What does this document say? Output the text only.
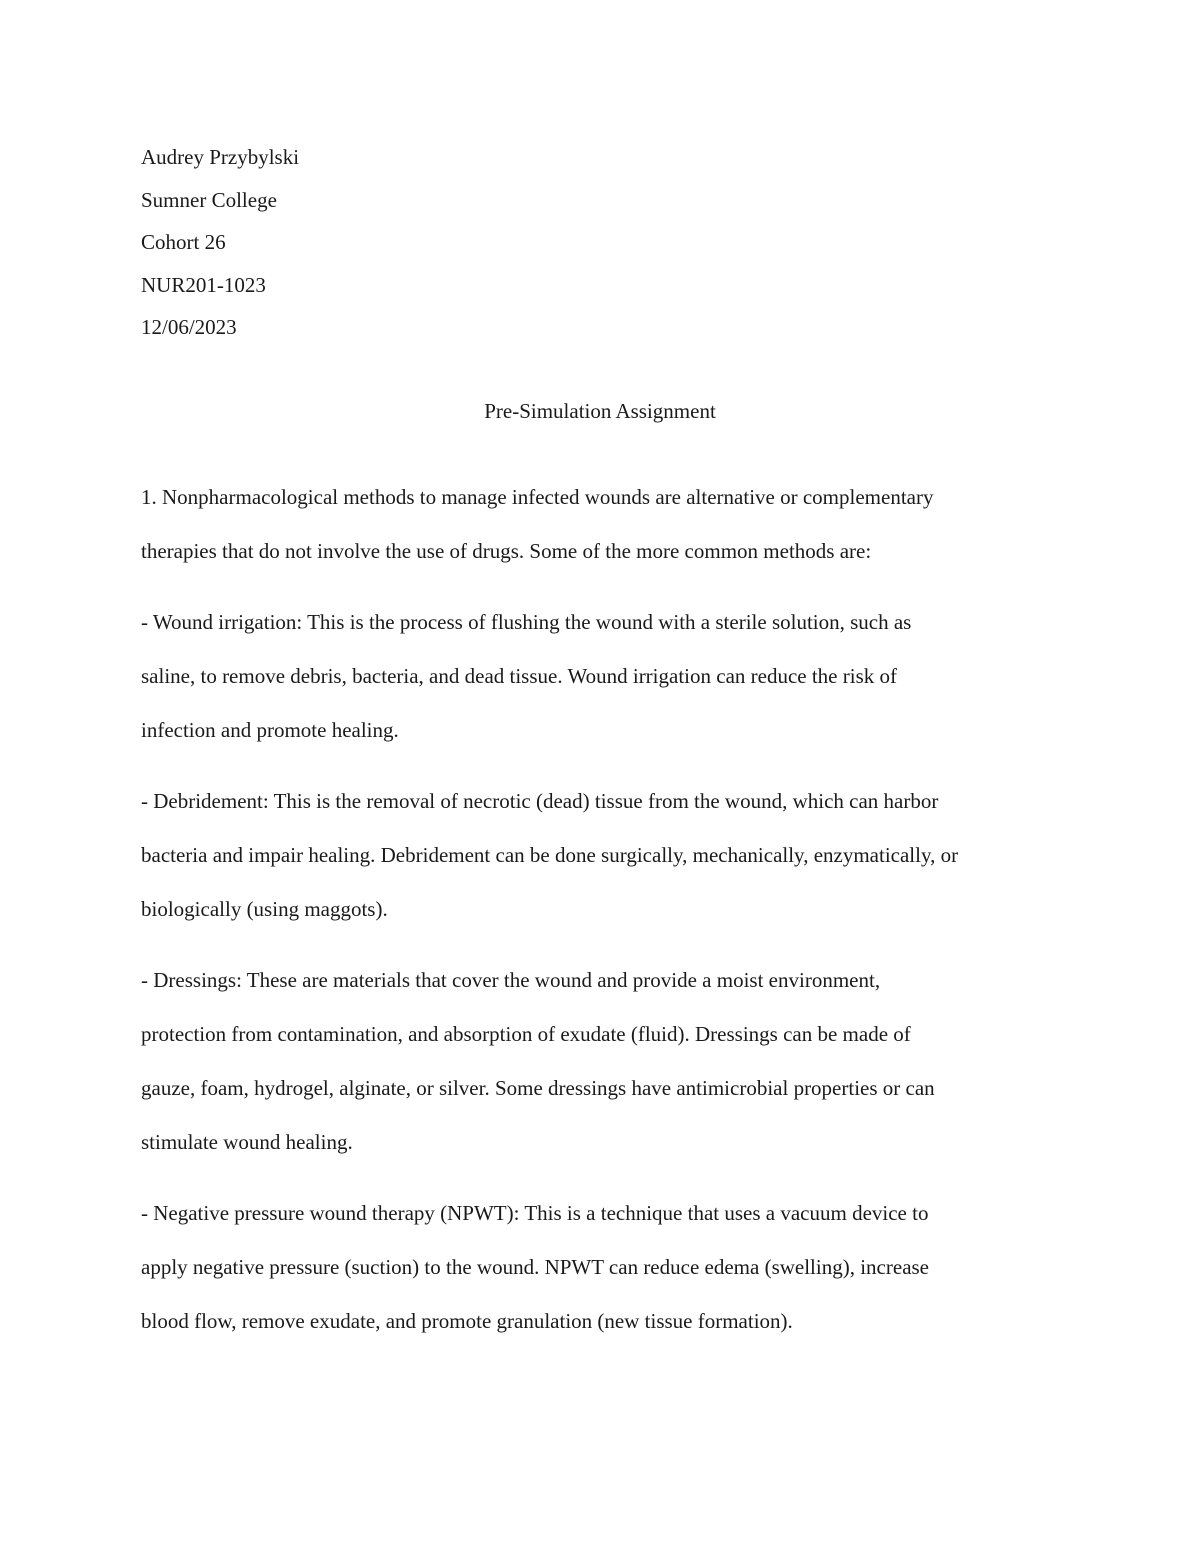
Audrey Przybylski
Sumner College
Cohort 26
NUR201-1023
12/06/2023
Pre-Simulation Assignment

1. Nonpharmacological methods to manage infected wounds are alternative or complementary
therapies that do not involve the use of drugs. Some of the more common methods are:

- Wound irrigation: This is the process of flushing the wound with a sterile solution, such as
saline, to remove debris, bacteria, and dead tissue. Wound irrigation can reduce the risk of
infection and promote healing.

- Debridement: This is the removal of necrotic (dead) tissue from the wound, which can harbor
bacteria and impair healing. Debridement can be done surgically, mechanically, enzymatically, or
biologically (using maggots).

- Dressings: These are materials that cover the wound and provide a moist environment,
protection from contamination, and absorption of exudate (fluid). Dressings can be made of
gauze, foam, hydrogel, alginate, or silver. Some dressings have antimicrobial properties or can
stimulate wound healing.

- Negative pressure wound therapy (NPWT): This is a technique that uses a vacuum device to
apply negative pressure (suction) to the wound. NPWT can reduce edema (swelling), increase
blood flow, remove exudate, and promote granulation (new tissue formation).
